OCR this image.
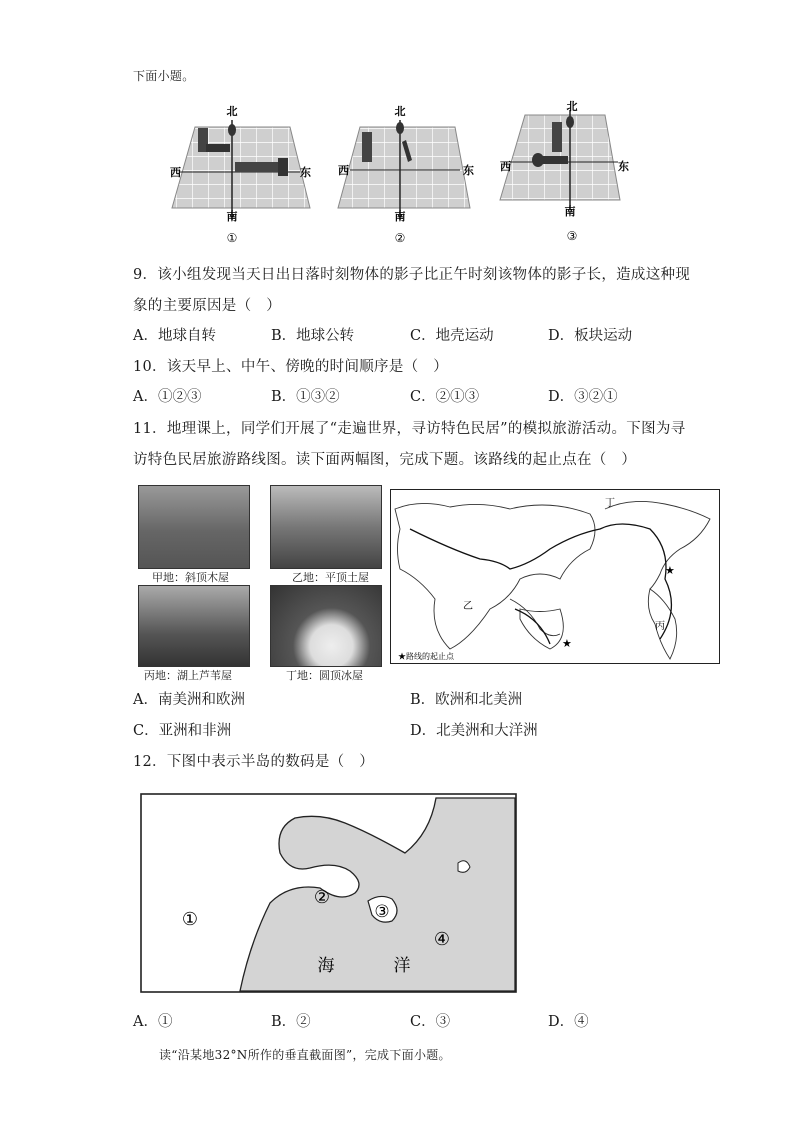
下面小题。
北
西	东
南
①
北
西	东
南
②
北
西	东
南
③
9．该小组发现当天日出日落时刻物体的影子比正午时刻该物体的影子长，造成这种现
象的主要原因是（　）
A．地球自转	B．地球公转	C．地壳运动	D．板块运动
10．该天早上、中午、傍晚的时间顺序是（　）
A．①②③	B．①③②	C．②①③	D．③②①
11．地理课上，同学们开展了“走遍世界，寻访特色民居”的模拟旅游活动。下图为寻
访特色民居旅游路线图。读下面两幅图，完成下题。该路线的起止点在（　）
甲地：斜顶木屋	乙地：平顶土屋
丙地：湖上芦苇屋	丁地：圆顶冰屋
丁
乙
丙
★
★
★路线的起止点
A．南美洲和欧洲	B．欧洲和北美洲
C．亚洲和非洲	D．北美洲和大洋洲
12．下图中表示半岛的数码是（　）
①
②
③
④
海	洋
A．①	B．②	C．③	D．④
读“沿某地32°N所作的垂直截面图”，完成下面小题。
